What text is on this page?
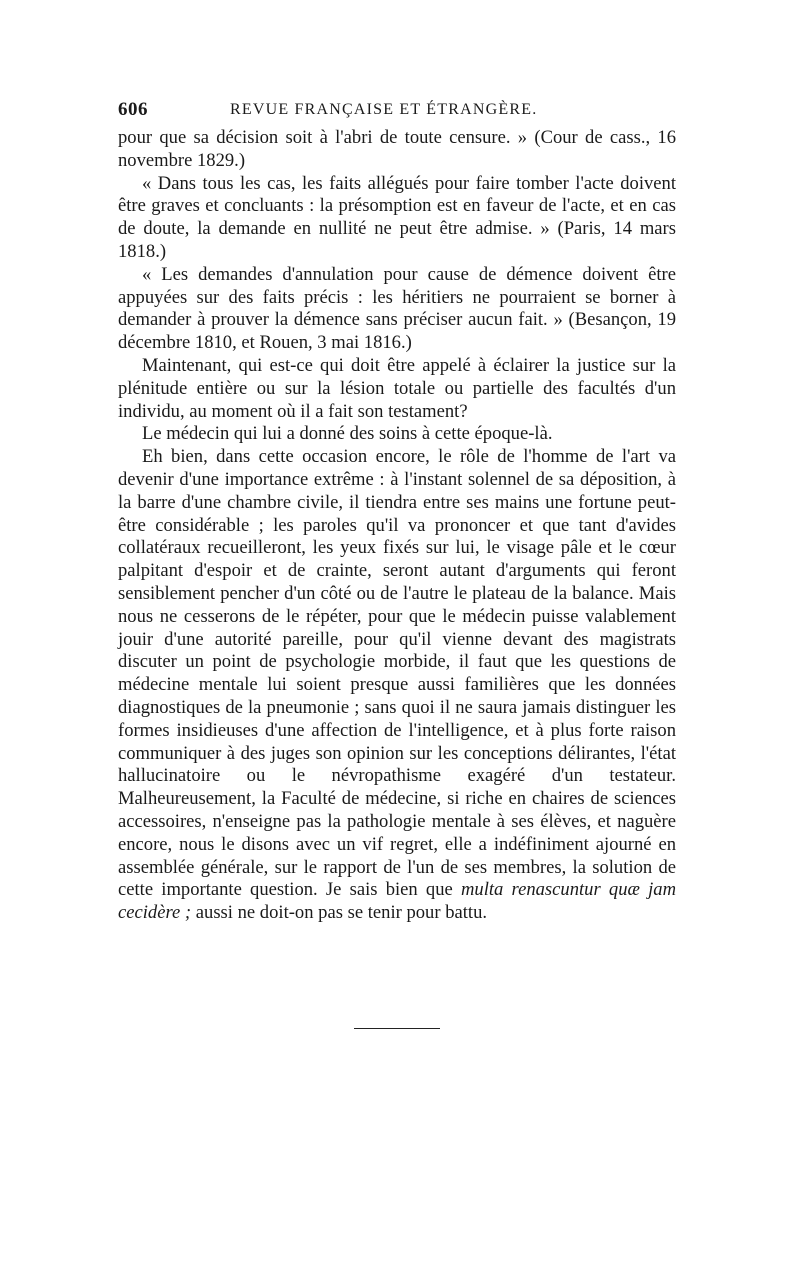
606	REVUE FRANÇAISE ET ÉTRANGÈRE.

pour que sa décision soit à l'abri de toute censure. » (Cour de cass., 16 novembre 1829.)

« Dans tous les cas, les faits allégués pour faire tomber l'acte doivent être graves et concluants : la présomption est en faveur de l'acte, et en cas de doute, la demande en nullité ne peut être admise. » (Paris, 14 mars 1818.)

« Les demandes d'annulation pour cause de démence doivent être appuyées sur des faits précis : les héritiers ne pourraient se borner à demander à prouver la démence sans préciser aucun fait. » (Besançon, 19 décembre 1810, et Rouen, 3 mai 1816.)

Maintenant, qui est-ce qui doit être appelé à éclairer la justice sur la plénitude entière ou sur la lésion totale ou partielle des facultés d'un individu, au moment où il a fait son testament?

Le médecin qui lui a donné des soins à cette époque-là.

Eh bien, dans cette occasion encore, le rôle de l'homme de l'art va devenir d'une importance extrême : à l'instant solennel de sa déposition, à la barre d'une chambre civile, il tiendra entre ses mains une fortune peut-être considérable ; les paroles qu'il va prononcer et que tant d'avides collatéraux recueilleront, les yeux fixés sur lui, le visage pâle et le cœur palpitant d'espoir et de crainte, seront autant d'arguments qui feront sensiblement pencher d'un côté ou de l'autre le plateau de la balance. Mais nous ne cesserons de le répéter, pour que le médecin puisse valablement jouir d'une autorité pareille, pour qu'il vienne devant des magistrats discuter un point de psychologie morbide, il faut que les questions de médecine mentale lui soient presque aussi familières que les données diagnostiques de la pneumonie ; sans quoi il ne saura jamais distinguer les formes insidieuses d'une affection de l'intelligence, et à plus forte raison communiquer à des juges son opinion sur les conceptions délirantes, l'état hallucinatoire ou le névropathisme exagéré d'un testateur. Malheureusement, la Faculté de médecine, si riche en chaires de sciences accessoires, n'enseigne pas la pathologie mentale à ses élèves, et naguère encore, nous le disons avec un vif regret, elle a indéfiniment ajourné en assemblée générale, sur le rapport de l'un de ses membres, la solution de cette importante question. Je sais bien que multa renascuntur quæ jam cecidère ; aussi ne doit-on pas se tenir pour battu.
